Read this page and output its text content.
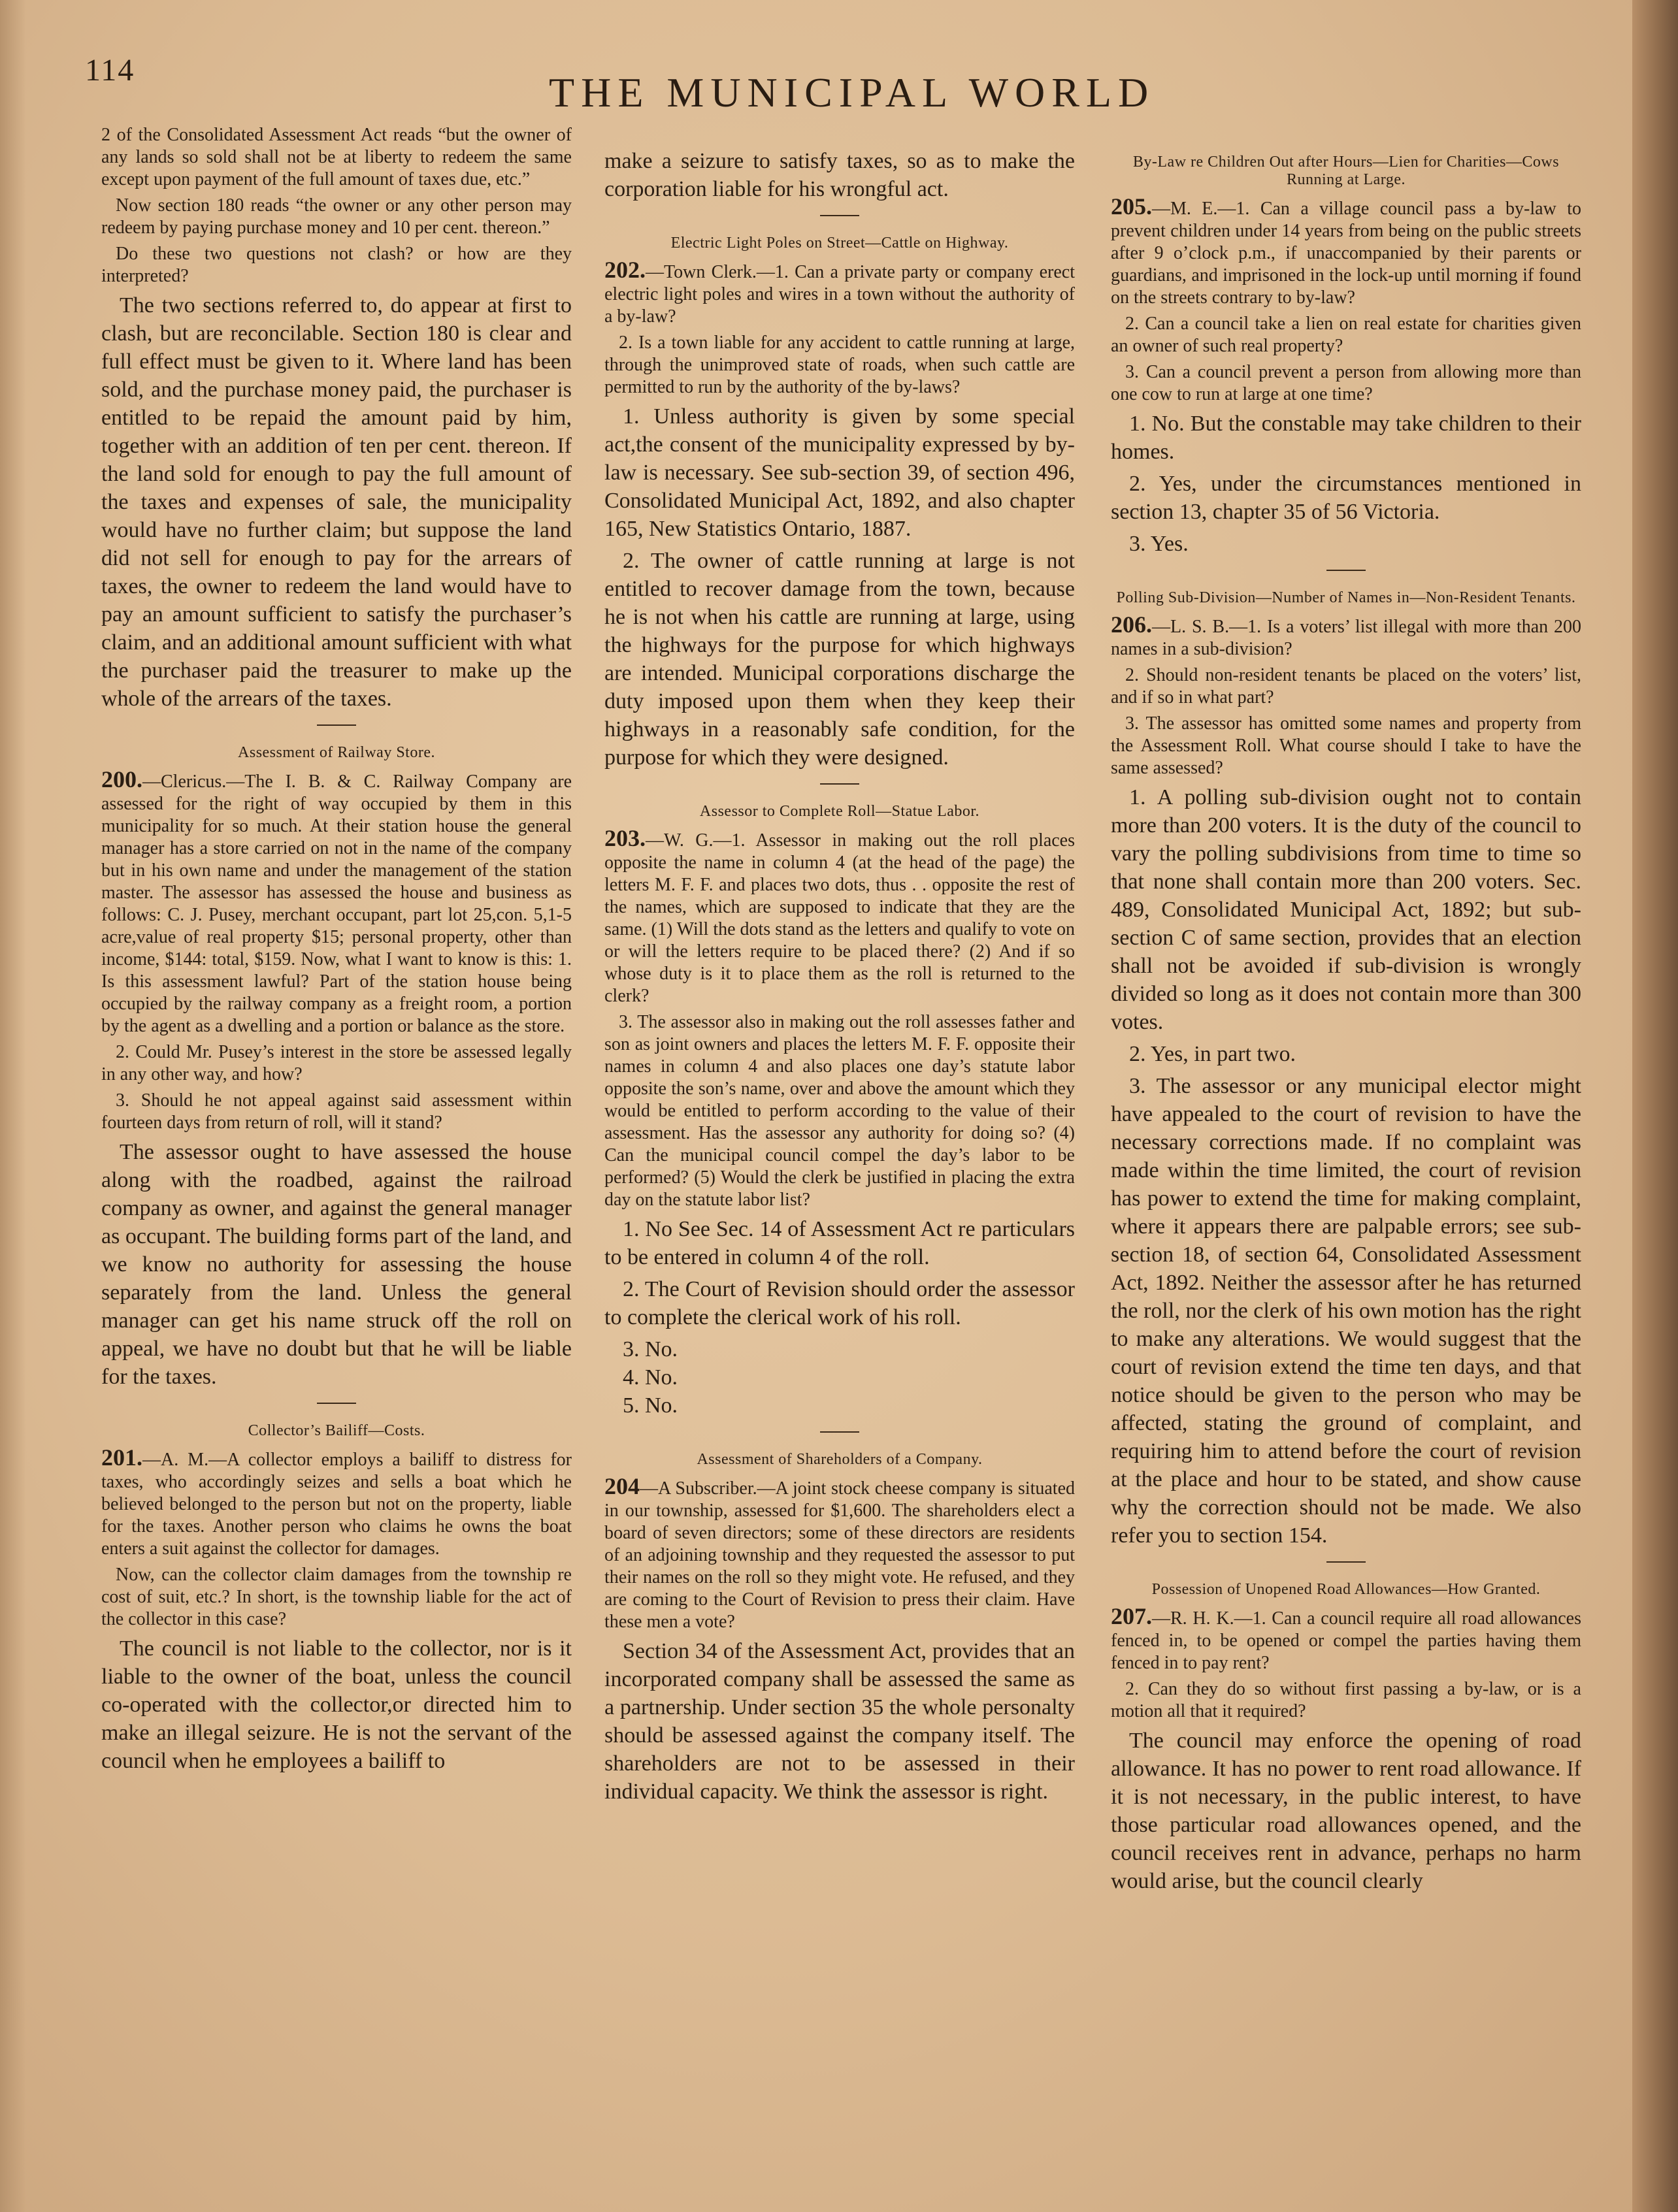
114	THE MUNICIPAL WORLD

2 of the Consolidated Assessment Act reads “but the owner of any lands so sold shall not be at liberty to redeem the same except upon payment of the full amount of taxes due, etc.”

Now section 180 reads “the owner or any other person may redeem by paying purchase money and 10 per cent. thereon.”

Do these two questions not clash? or how are they interpreted?

The two sections referred to, do appear at first to clash, but are reconcilable. Section 180 is clear and full effect must be given to it. Where land has been sold, and the purchase money paid, the purchaser is entitled to be repaid the amount paid by him, together with an addition of ten per cent. thereon. If the land sold for enough to pay the full amount of the taxes and expenses of sale, the municipality would have no further claim; but suppose the land did not sell for enough to pay for the arrears of taxes, the owner to redeem the land would have to pay an amount sufficient to satisfy the purchaser’s claim, and an additional amount sufficient with what the purchaser paid the treasurer to make up the whole of the arrears of the taxes.

Assessment of Railway Store.

200.—Clericus.—The I. B. & C. Railway Company are assessed for the right of way occupied by them in this municipality for so much. At their station house the general manager has a store carried on not in the name of the company but in his own name and under the management of the station master. The assessor has assessed the house and business as follows: C. J. Pusey, merchant occupant, part lot 25,con. 5,1-5 acre,value of real property $15; personal property, other than income, $144: total, $159. Now, what I want to know is this: 1. Is this assessment lawful? Part of the station house being occupied by the railway company as a freight room, a portion by the agent as a dwelling and a portion or balance as the store.

2. Could Mr. Pusey’s interest in the store be assessed legally in any other way, and how?

3. Should he not appeal against said assessment within fourteen days from return of roll, will it stand?

The assessor ought to have assessed the house along with the roadbed, against the railroad company as owner, and against the general manager as occupant. The building forms part of the land, and we know no authority for assessing the house separately from the land. Unless the general manager can get his name struck off the roll on appeal, we have no doubt but that he will be liable for the taxes.

Collector’s Bailiff—Costs.

201.—A. M.—A collector employs a bailiff to distress for taxes, who accordingly seizes and sells a boat which he believed belonged to the person but not on the property, liable for the taxes. Another person who claims he owns the boat enters a suit against the collector for damages.

Now, can the collector claim damages from the township re cost of suit, etc.? In short, is the township liable for the act of the collector in this case?

The council is not liable to the collector, nor is it liable to the owner of the boat, unless the council co-operated with the collector,or directed him to make an illegal seizure. He is not the servant of the council when he employees a bailiff to

make a seizure to satisfy taxes, so as to make the corporation liable for his wrongful act.

Electric Light Poles on Street—Cattle on Highway.

202.—Town Clerk.—1. Can a private party or company erect electric light poles and wires in a town without the authority of a by-law?

2. Is a town liable for any accident to cattle running at large, through the unimproved state of roads, when such cattle are permitted to run by the authority of the by-laws?

1. Unless authority is given by some special act,the consent of the municipality expressed by by-law is necessary. See sub-section 39, of section 496, Consolidated Municipal Act, 1892, and also chapter 165, New Statistics Ontario, 1887.

2. The owner of cattle running at large is not entitled to recover damage from the town, because he is not when his cattle are running at large, using the highways for the purpose for which highways are intended. Municipal corporations discharge the duty imposed upon them when they keep their highways in a reasonably safe condition, for the purpose for which they were designed.

Assessor to Complete Roll—Statue Labor.

203.—W. G.—1. Assessor in making out the roll places opposite the name in column 4 (at the head of the page) the letters M. F. F. and places two dots, thus . . opposite the rest of the names, which are supposed to indicate that they are the same. (1) Will the dots stand as the letters and qualify to vote on or will the letters require to be placed there? (2) And if so whose duty is it to place them as the roll is returned to the clerk?

3. The assessor also in making out the roll assesses father and son as joint owners and places the letters M. F. F. opposite their names in column 4 and also places one day’s statute labor opposite the son’s name, over and above the amount which they would be entitled to perform according to the value of their assessment. Has the assessor any authority for doing so? (4) Can the municipal council compel the day’s labor to be performed? (5) Would the clerk be justified in placing the extra day on the statute labor list?

1. No See Sec. 14 of Assessment Act re particulars to be entered in column 4 of the roll.

2. The Court of Revision should order the assessor to complete the clerical work of his roll.

3. No.

4. No.

5. No.

Assessment of Shareholders of a Company.

204—A Subscriber.—A joint stock cheese company is situated in our township, assessed for $1,600. The shareholders elect a board of seven directors; some of these directors are residents of an adjoining township and they requested the assessor to put their names on the roll so they might vote. He refused, and they are coming to the Court of Revision to press their claim. Have these men a vote?

Section 34 of the Assessment Act, provides that an incorporated company shall be assessed the same as a partnership. Under section 35 the whole personalty should be assessed against the company itself. The shareholders are not to be assessed in their individual capacity. We think the assessor is right.

By-Law re Children Out after Hours—Lien for Charities—Cows Running at Large.

205.—M. E.—1. Can a village council pass a by-law to prevent children under 14 years from being on the public streets after 9 o’clock p.m., if unaccompanied by their parents or guardians, and imprisoned in the lock-up until morning if found on the streets contrary to by-law?

2. Can a council take a lien on real estate for charities given an owner of such real property?

3. Can a council prevent a person from allowing more than one cow to run at large at one time?

1. No. But the constable may take children to their homes.

2. Yes, under the circumstances mentioned in section 13, chapter 35 of 56 Victoria.

3. Yes.

Polling Sub-Division—Number of Names in—Non-Resident Tenants.

206.—L. S. B.—1. Is a voters’ list illegal with more than 200 names in a sub-division?

2. Should non-resident tenants be placed on the voters’ list, and if so in what part?

3. The assessor has omitted some names and property from the Assessment Roll. What course should I take to have the same assessed?

1. A polling sub-division ought not to contain more than 200 voters. It is the duty of the council to vary the polling subdivisions from time to time so that none shall contain more than 200 voters. Sec. 489, Consolidated Municipal Act, 1892; but sub-section C of same section, provides that an election shall not be avoided if sub-division is wrongly divided so long as it does not contain more than 300 votes.

2. Yes, in part two.

3. The assessor or any municipal elector might have appealed to the court of revision to have the necessary corrections made. If no complaint was made within the time limited, the court of revision has power to extend the time for making complaint, where it appears there are palpable errors; see sub-section 18, of section 64, Consolidated Assessment Act, 1892. Neither the assessor after he has returned the roll, nor the clerk of his own motion has the right to make any alterations. We would suggest that the court of revision extend the time ten days, and that notice should be given to the person who may be affected, stating the ground of complaint, and requiring him to attend before the court of revision at the place and hour to be stated, and show cause why the correction should not be made. We also refer you to section 154.

Possession of Unopened Road Allowances—How Granted.

207.—R. H. K.—1. Can a council require all road allowances fenced in, to be opened or compel the parties having them fenced in to pay rent?

2. Can they do so without first passing a by-law, or is a motion all that it required?

The council may enforce the opening of road allowance. It has no power to rent road allowance. If it is not necessary, in the public interest, to have those particular road allowances opened, and the council receives rent in advance, perhaps no harm would arise, but the council clearly
